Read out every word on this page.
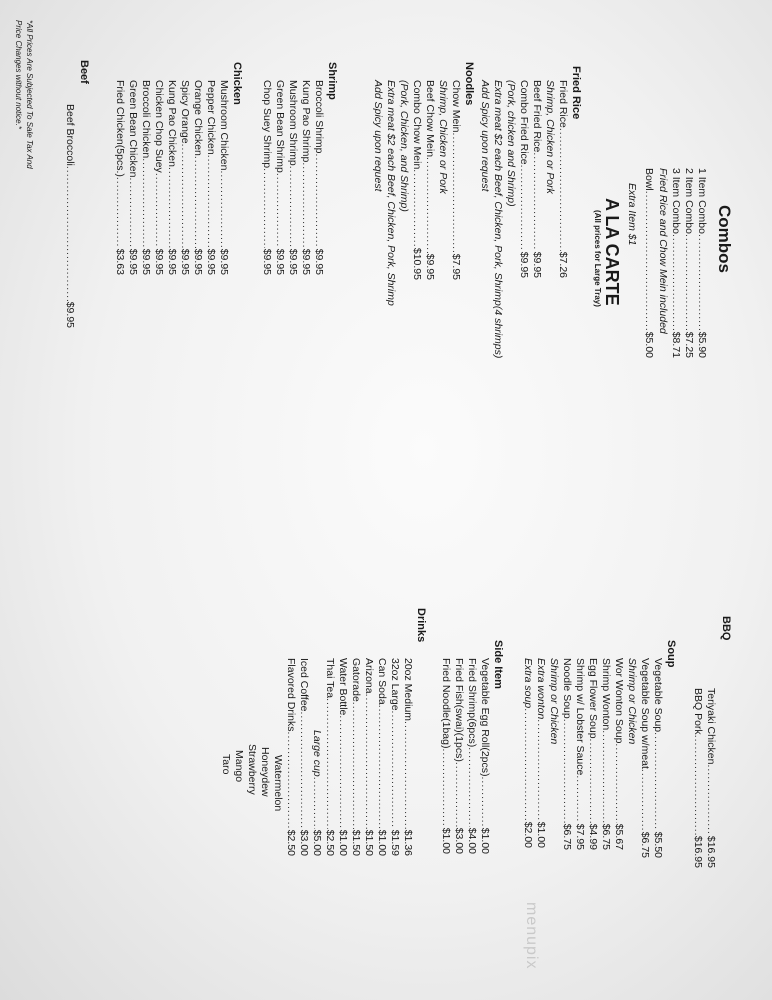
Combos
1 Item Combo
.....
$5.90
2 Item Combo
.....
$7.25
3 Item Combo
.....
$8.71
Fried Rice and Chow Mein included
Bowl
.....
$5.00
Extra Item $1
A LA CARTE
(All prices for Large Tray)
Fried Rice
Fried Rice
.....
$7.26
Shrimp, Chicken or Pork
Beef Fried Rice
.....
$9.95
Combo Fried Rice
.....
$9.95
(Pork, chicken and Shrimp)
Extra meat $2 each Beef, Chicken, Pork, Shrimp(4 shrimps)
Add Spicy upon request
Noodles
Chow Mein
.....
$7.95
Shrimp, Chicken or Pork
Beef Chow Mein
.....
$9.95
Combo Chow Mein
.....
$10.95
(Pork, Chicken, and Shrimp)
Extra meat $2 each Beef, Chicken, Pork, Shrimp
Add Spicy upon request
Shrimp
Broccoli Shrimp
.....
$9.95
Kung Pao Shrimp
.....
$9.95
Mushroom Shrimp
.....
$9.95
Green Bean Shrimp
.....
$9.95
Chop Suey Shrimp
.....
$9.95
Chicken
Mushroom Chicken
.....
$9.95
Pepper Chicken
.....
$9.95
Orange Chicken
.....
$9.95
Spicy Orange
.....
$9.95
Kung Pao Chicken
.....
$9.95
Chicken Chop Suey
.....
$9.95
Broccoli Chicken
.....
$9.95
Green Bean Chicken
.....
$9.95
Fried Chicken(5pcs.)
.....
$3.63
Beef
Beef Broccoli
.....
$9.95
*All Prices Are Subjected To Sale Tax And
Price Changes without notice.*
BBQ
Teriyaki Chicken
.....
$16.95
BBQ Pork
.....
$16.95
Soup
Vegetable Soup
.....
$5.50
Vegetable Soup w/meat
.....
$6.75
Shrimp or Chicken
Wor Wonton Soup
.....
$5.67
Shrimp Wonton
.....
$6.75
Egg Flower Soup
.....
$4.99
Shrimp w/ Lobster Sauce
.....
$7.95
Noodle Soup
.....
$6.75
Shrimp or Chicken
Extra wonton
.....
$1.00
Extra soup
.....
$2.00
Side Item
Vegetable Egg Roll(2pcs)
.....
$1.00
Fried Shrimp(6pcs)
.....
$4.00
Fried Fish(swai)(1pcs)
.....
$3.00
Fried Noodle(1bag)
.....
$1.00
Drinks
20oz Medium
.....
$1.36
32oz Large
.....
$1.59
Can Soda
.....
$1.00
Arizona
.....
$1.50
Gatorade
.....
$1.50
Water Bottle
.....
$1.00
Thai Tea
.....
$2.50
Large cup
.....
$5.00
Iced Coffee
.....
$3.00
Flavored Drinks
.....
$2.50
Watermelon
Honeydew
Strawberry
Mango
Taro
menupix
